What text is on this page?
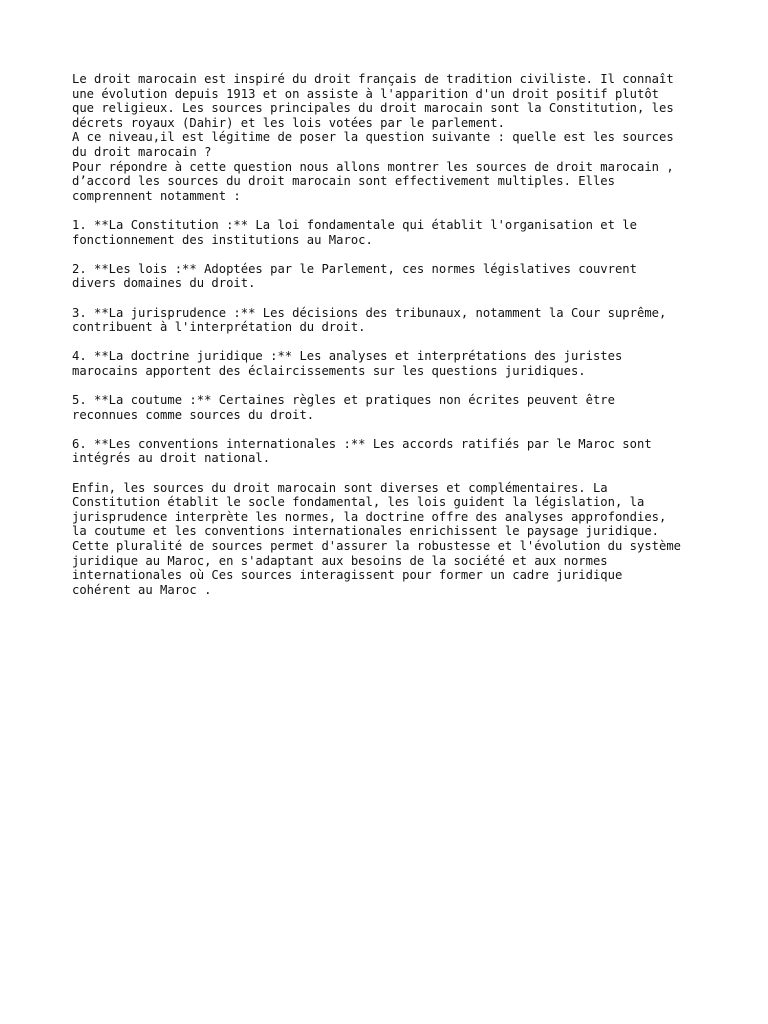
Le droit marocain est inspiré du droit français de tradition civiliste. Il connaît

une évolution depuis 1913 et on assiste à l'apparition d'un droit positif plutôt

que religieux. Les sources principales du droit marocain sont la Constitution, les

décrets royaux (Dahir) et les lois votées par le parlement.

A ce niveau,il est légitime de poser la question suivante : quelle est les sources

du droit marocain ?

Pour répondre à cette question nous allons montrer les sources de droit marocain ,

d’accord les sources du droit marocain sont effectivement multiples. Elles

comprennent notamment :

1. **La Constitution :** La loi fondamentale qui établit l'organisation et le

fonctionnement des institutions au Maroc.

2. **Les lois :** Adoptées par le Parlement, ces normes législatives couvrent

divers domaines du droit.

3. **La jurisprudence :** Les décisions des tribunaux, notamment la Cour suprême,

contribuent à l'interprétation du droit.

4. **La doctrine juridique :** Les analyses et interprétations des juristes

marocains apportent des éclaircissements sur les questions juridiques.

5. **La coutume :** Certaines règles et pratiques non écrites peuvent être

reconnues comme sources du droit.

6. **Les conventions internationales :** Les accords ratifiés par le Maroc sont

intégrés au droit national.

Enfin, les sources du droit marocain sont diverses et complémentaires. La

Constitution établit le socle fondamental, les lois guident la législation, la

jurisprudence interprète les normes, la doctrine offre des analyses approfondies,

la coutume et les conventions internationales enrichissent le paysage juridique.

Cette pluralité de sources permet d'assurer la robustesse et l'évolution du système

juridique au Maroc, en s'adaptant aux besoins de la société et aux normes

internationales où Ces sources interagissent pour former un cadre juridique

cohérent au Maroc .
